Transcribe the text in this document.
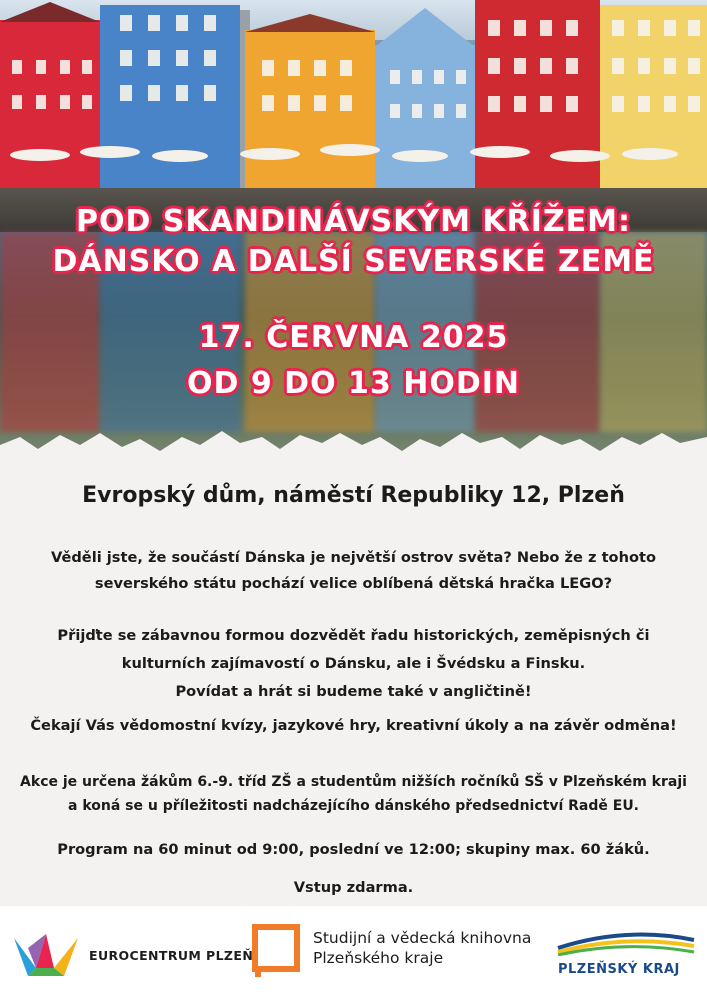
POD SKANDINÁVSKÝM KŘÍŽEM:
DÁNSKO A DALŠÍ SEVERSKÉ ZEMĚ
17. ČERVNA 2025
OD 9 DO 13 HODIN
Evropský dům, náměstí Republiky 12, Plzeň
Věděli jste, že součástí Dánska je největší ostrov světa? Nebo že z tohoto
severského státu pochází velice oblíbená dětská hračka LEGO?
Přijďte se zábavnou formou dozvědět řadu historických, zeměpisných či
kulturních zajímavostí o Dánsku, ale i Švédsku a Finsku.
Povídat a hrát si budeme také v angličtině!
Čekají Vás vědomostní kvízy, jazykové hry, kreativní úkoly a na závěr odměna!
Akce je určena žákům 6.-9. tříd ZŠ a studentům nižších ročníků SŠ v Plzeňském kraji
a koná se u příležitosti nadcházejícího dánského předsednictví Radě EU.
Program na 60 minut od 9:00, poslední ve 12:00; skupiny max. 60 žáků.
Vstup zdarma.
EUROCENTRUM PLZEŇ
Studijní a vědecká knihovna
Plzeňského kraje
PLZEŇSKÝ KRAJ
